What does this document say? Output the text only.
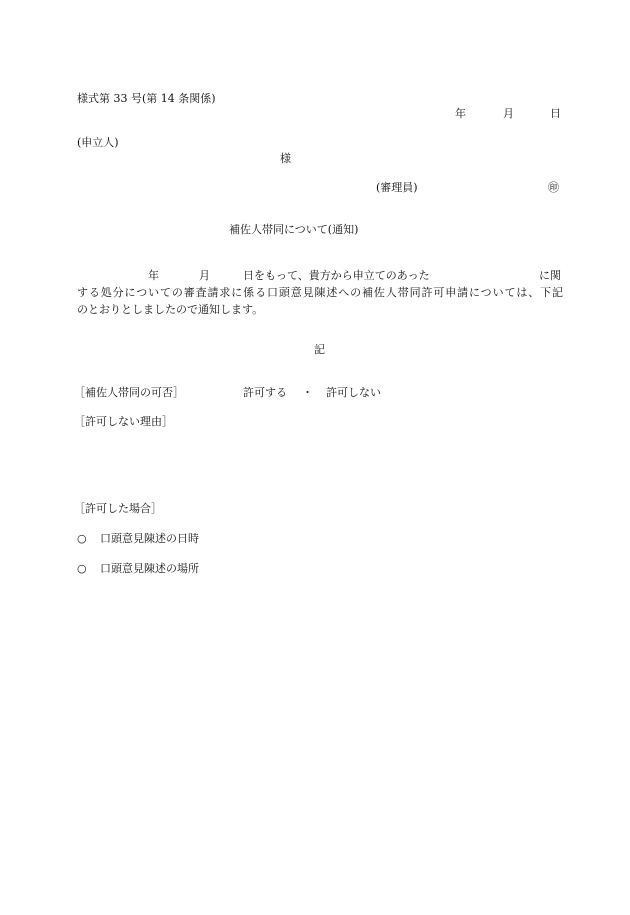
様式第 33 号(第 14 条関係)
年	月	日
(申立人)
様
(審理員)	㊞
補佐人帯同について(通知)
年	月	日をもって、貴方から申立てのあった	に関
する処分についての審査請求に係る口頭意見陳述への補佐人帯同許可申請については、下記
のとおりとしましたので通知します。
記
［補佐人帯同の可否］	許可する ・ 許可しない
［許可しない理由］
［許可した場合］
○ 口頭意見陳述の日時
○ 口頭意見陳述の場所
